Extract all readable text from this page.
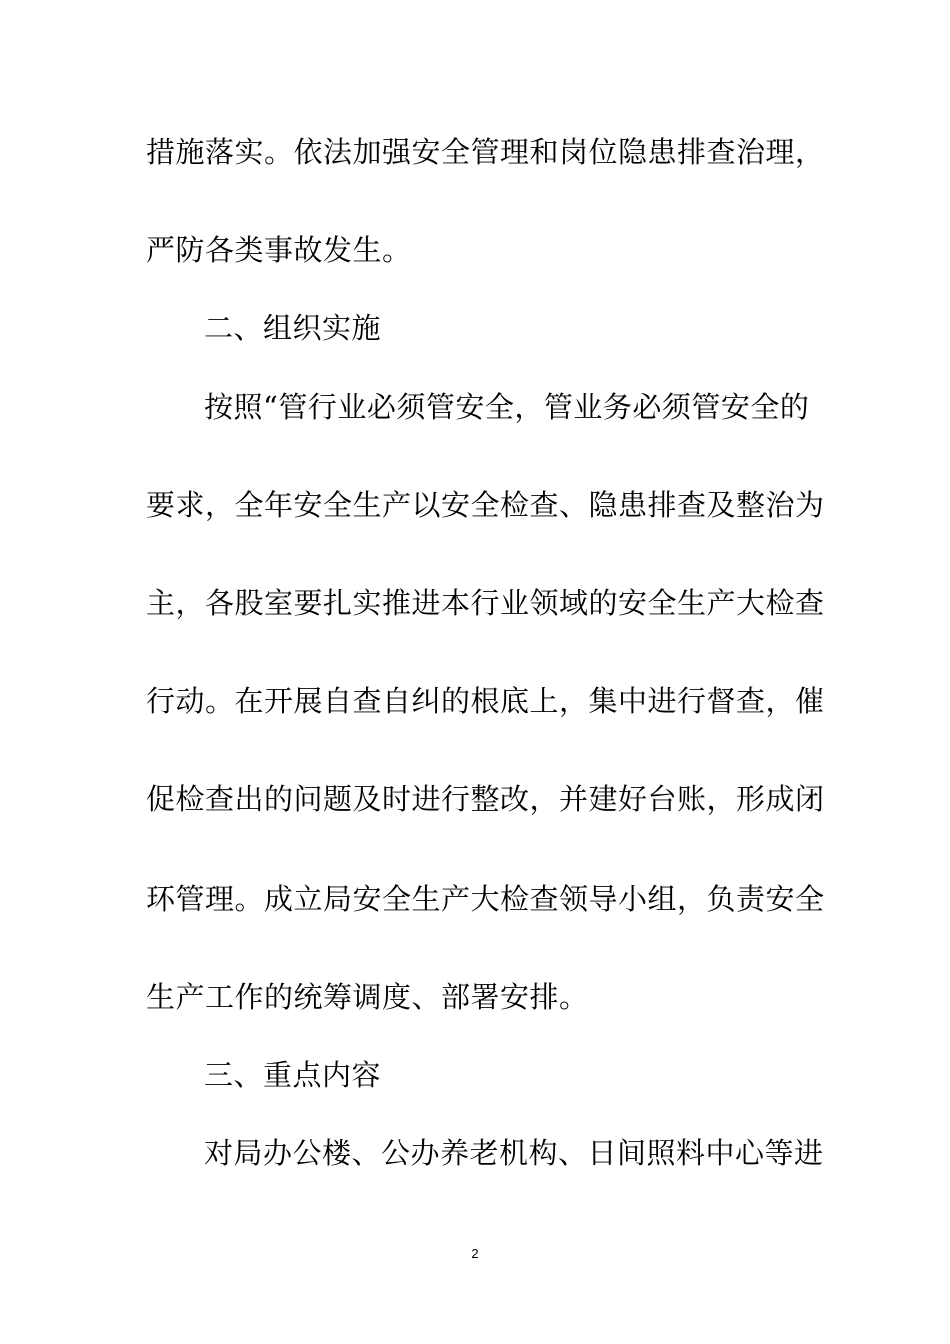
措施落实。依法加强安全管理和岗位隐患排查治理，
严防各类事故发生。
二、组织实施
按照“管行业必须管安全，管业务必须管安全的
要求，全年安全生产以安全检查、隐患排查及整治为
主，各股室要扎实推进本行业领域的安全生产大检查
行动。在开展自查自纠的根底上，集中进行督查，催
促检查出的问题及时进行整改，并建好台账，形成闭
环管理。成立局安全生产大检查领导小组，负责安全
生产工作的统筹调度、部署安排。
三、重点内容
对局办公楼、公办养老机构、日间照料中心等进
2
